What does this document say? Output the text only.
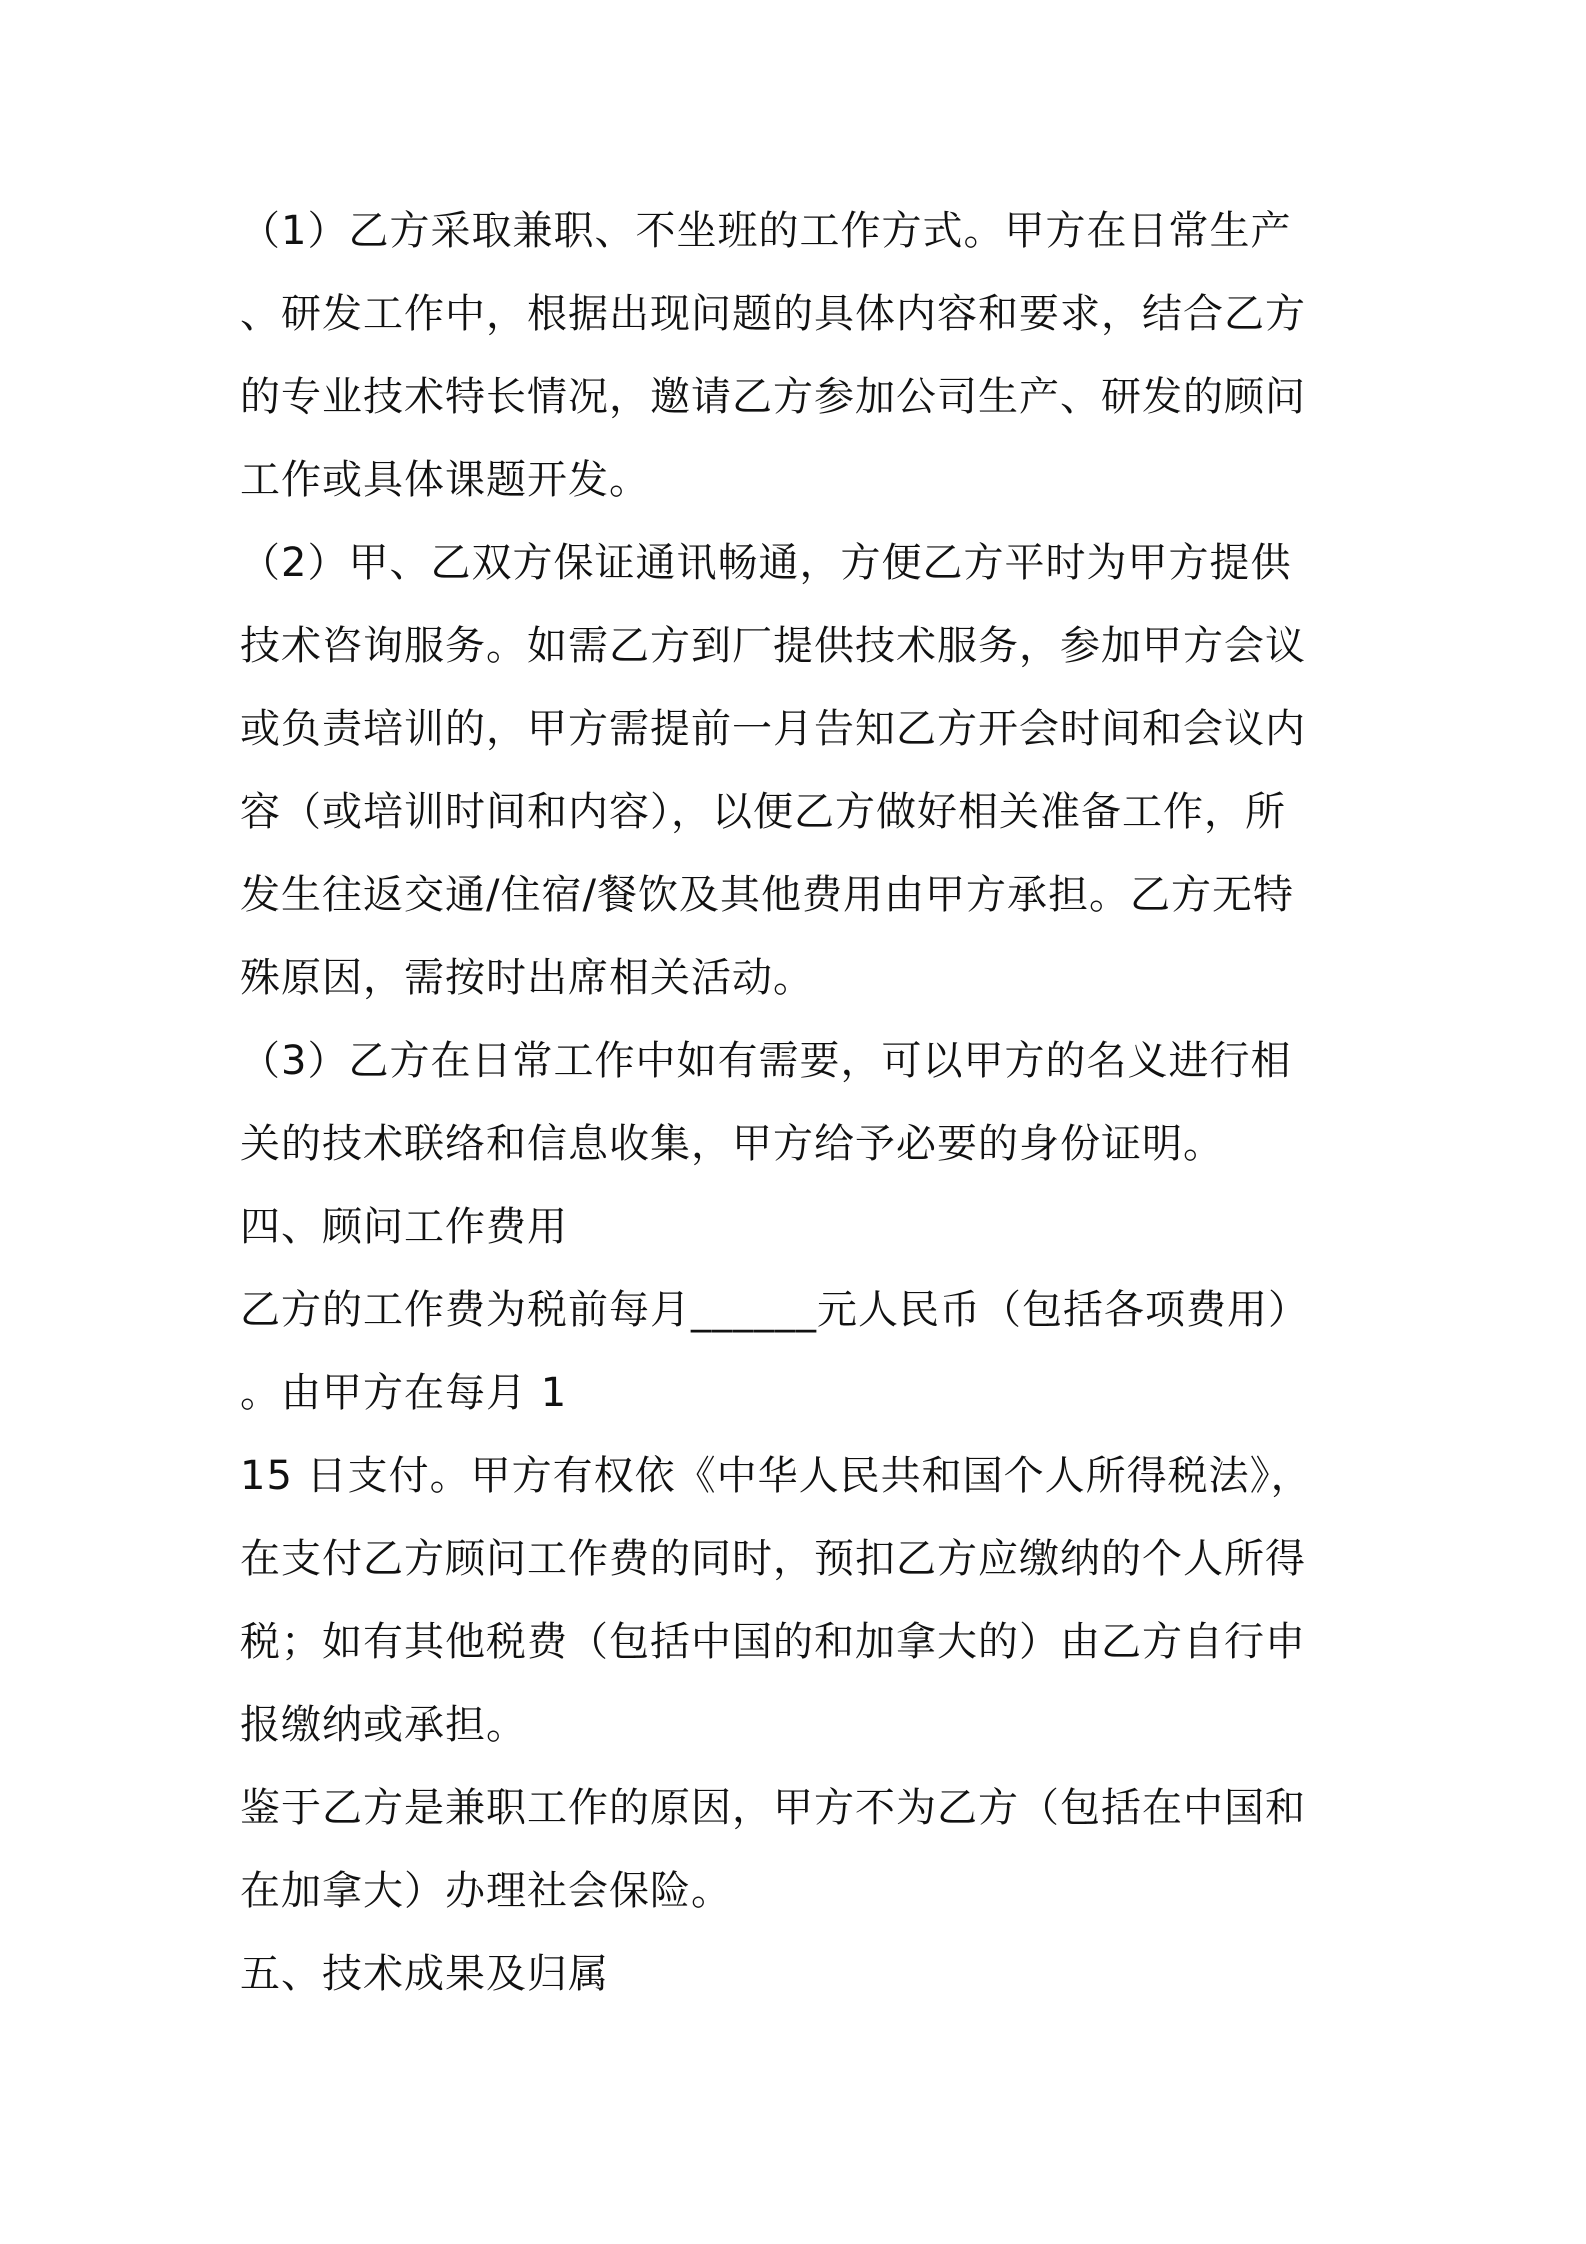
（1）乙方采取兼职、不坐班的工作方式。甲方在日常生产
、研发工作中，根据出现问题的具体内容和要求，结合乙方
的专业技术特长情况，邀请乙方参加公司生产、研发的顾问
工作或具体课题开发。
（2）甲、乙双方保证通讯畅通，方便乙方平时为甲方提供
技术咨询服务。如需乙方到厂提供技术服务，参加甲方会议
或负责培训的，甲方需提前一月告知乙方开会时间和会议内
容（或培训时间和内容），以便乙方做好相关准备工作，所
发生往返交通/住宿/餐饮及其他费用由甲方承担。乙方无特
殊原因，需按时出席相关活动。
（3）乙方在日常工作中如有需要，可以甲方的名义进行相
关的技术联络和信息收集，甲方给予必要的身份证明。
四、顾问工作费用
乙方的工作费为税前每月______元人民币（包括各项费用）
。由甲方在每月 1
15 日支付。甲方有权依《中华人民共和国个人所得税法》，
在支付乙方顾问工作费的同时，预扣乙方应缴纳的个人所得
税；如有其他税费（包括中国的和加拿大的）由乙方自行申
报缴纳或承担。
鉴于乙方是兼职工作的原因，甲方不为乙方（包括在中国和
在加拿大）办理社会保险。
五、技术成果及归属
